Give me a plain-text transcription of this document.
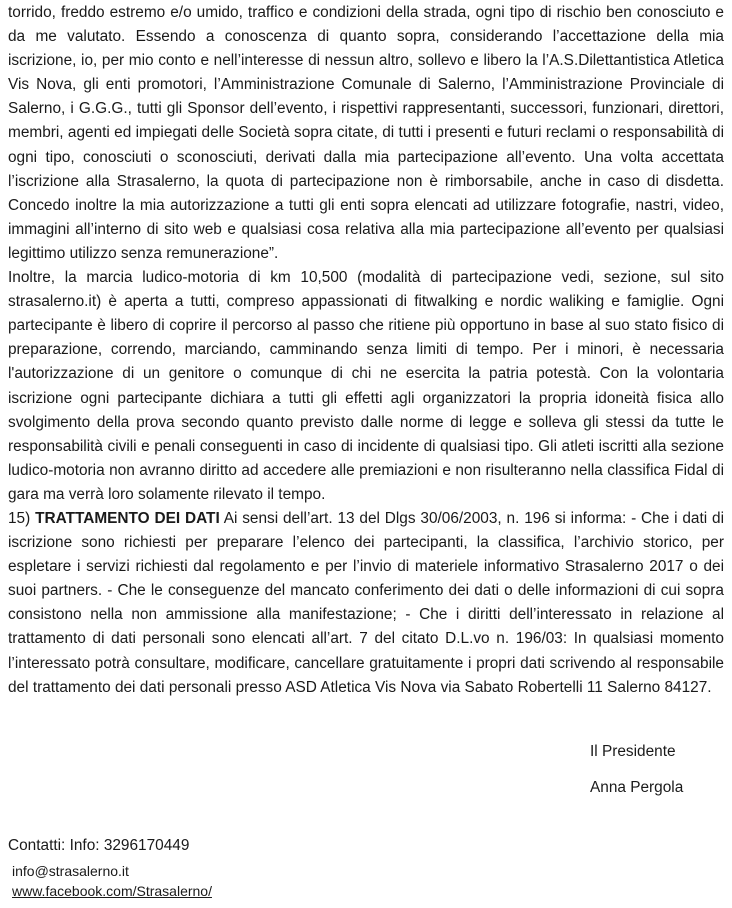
torrido, freddo estremo e/o umido, traffico e condizioni della strada, ogni tipo di rischio ben conosciuto e da me valutato. Essendo a conoscenza di quanto sopra, considerando l’accettazione della mia iscrizione, io, per mio conto e nell’interesse di nessun altro, sollevo e libero la l’A.S.Dilettantistica Atletica Vis Nova, gli enti promotori, l’Amministrazione Comunale di Salerno, l’Amministrazione Provinciale di Salerno, i G.G.G., tutti gli Sponsor dell’evento, i rispettivi rappresentanti, successori, funzionari, direttori, membri, agenti ed impiegati delle Società sopra citate, di tutti i presenti e futuri reclami o responsabilità di ogni tipo, conosciuti o sconosciuti, derivati dalla mia partecipazione all’evento. Una volta accettata l’iscrizione alla Strasalerno, la quota di partecipazione non è rimborsabile, anche in caso di disdetta. Concedo inoltre la mia autorizzazione a tutti gli enti sopra elencati ad utilizzare fotografie, nastri, video, immagini all’interno di sito web e qualsiasi cosa relativa alla mia partecipazione all’evento per qualsiasi legittimo utilizzo senza remunerazione”.

Inoltre, la marcia ludico-motoria di km 10,500 (modalità di partecipazione vedi, sezione, sul sito strasalerno.it) è aperta a tutti, compreso appassionati di fitwalking e nordic waliking e famiglie. Ogni partecipante è libero di coprire il percorso al passo che ritiene più opportuno in base al suo stato fisico di preparazione, correndo, marciando, camminando senza limiti di tempo. Per i minori, è necessaria l'autorizzazione di un genitore o comunque di chi ne esercita la patria potestà. Con la volontaria iscrizione ogni partecipante dichiara a tutti gli effetti agli organizzatori la propria idoneità fisica allo svolgimento della prova secondo quanto previsto dalle norme di legge e solleva gli stessi da tutte le responsabilità civili e penali conseguenti in caso di incidente di qualsiasi tipo. Gli atleti iscritti alla sezione ludico-motoria non avranno diritto ad accedere alle premiazioni e non risulteranno nella classifica Fidal di gara ma verrà loro solamente rilevato il tempo.

15) TRATTAMENTO DEI DATI Ai sensi dell’art. 13 del Dlgs 30/06/2003, n. 196 si informa: - Che i dati di iscrizione sono richiesti per preparare l’elenco dei partecipanti, la classifica, l’archivio storico, per espletare i servizi richiesti dal regolamento e per l’invio di materiele informativo Strasalerno 2017 o dei suoi partners. - Che le conseguenze del mancato conferimento dei dati o delle informazioni di cui sopra consistono nella non ammissione alla manifestazione; - Che i diritti dell’interessato in relazione al trattamento di dati personali sono elencati all’art. 7 del citato D.L.vo n. 196/03: In qualsiasi momento l’interessato potrà consultare, modificare, cancellare gratuitamente i propri dati scrivendo al responsabile del trattamento dei dati personali presso ASD Atletica Vis Nova via Sabato Robertelli 11 Salerno 84127.

Il Presidente
Anna Pergola
Contatti: Info: 3296170449
info@strasalerno.it
www.facebook.com/Strasalerno/
